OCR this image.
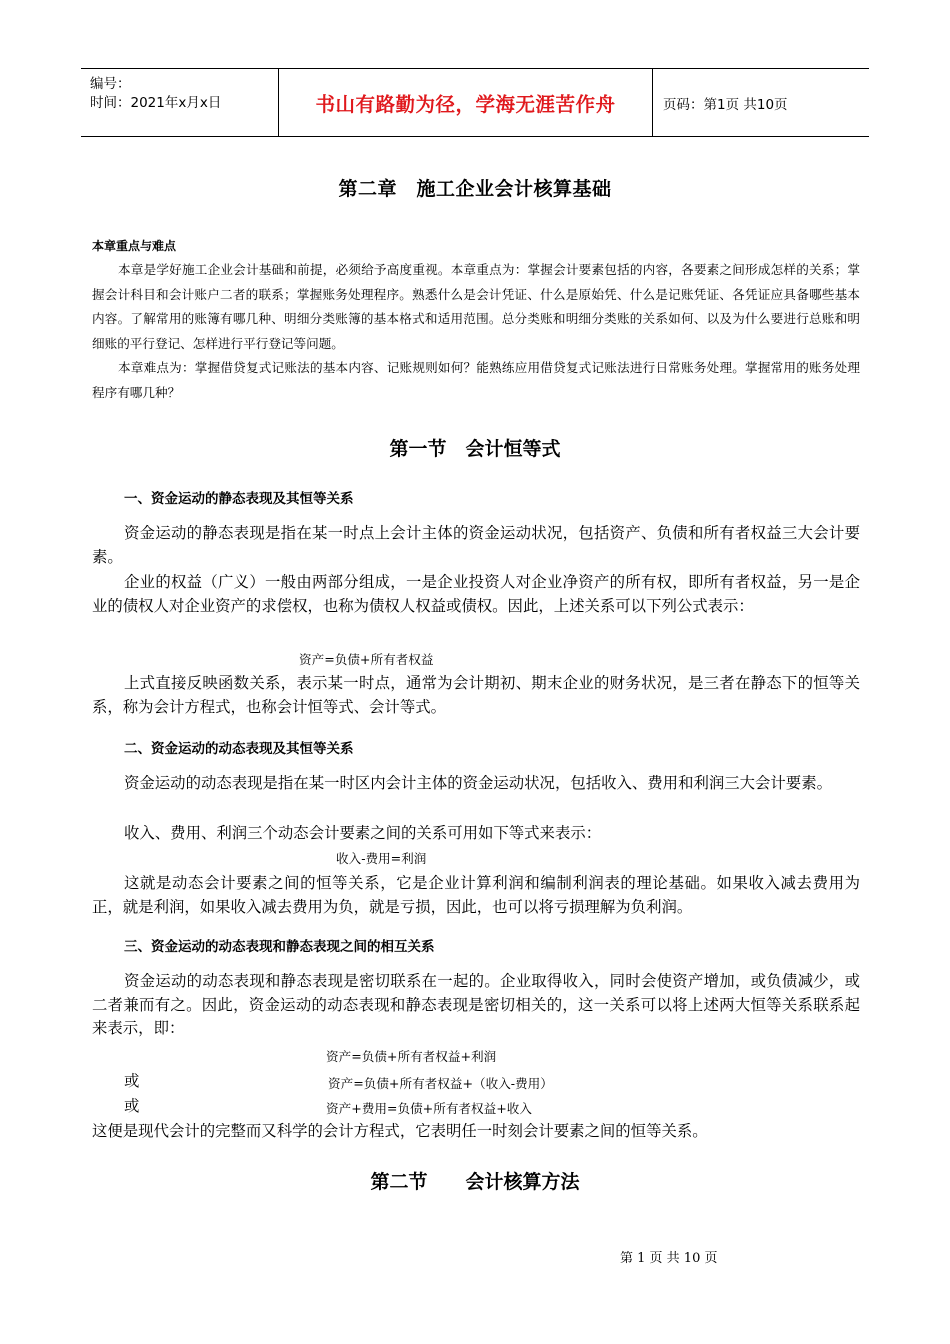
编号：
时间：2021年x月x日	书山有路勤为径，学海无涯苦作舟	页码：第1页 共10页
第二章　施工企业会计核算基础
本章重点与难点

本章是学好施工企业会计基础和前提，必须给予高度重视。本章重点为：掌握会计要素包括的内容，各要素之间形成怎样的关系；掌握会计科目和会计账户二者的联系；掌握账务处理程序。熟悉什么是会计凭证、什么是原始凭、什么是记账凭证、各凭证应具备哪些基本内容。了解常用的账簿有哪几种、明细分类账簿的基本格式和适用范围。总分类账和明细分类账的关系如何、以及为什么要进行总账和明细账的平行登记、怎样进行平行登记等问题。

本章难点为：掌握借贷复式记账法的基本内容、记账规则如何？能熟练应用借贷复式记账法进行日常账务处理。掌握常用的账务处理程序有哪几种？

第一节　会计恒等式
一、资金运动的静态表现及其恒等关系

资金运动的静态表现是指在某一时点上会计主体的资金运动状况，包括资产、负债和所有者权益三大会计要素。

企业的权益（广义）一般由两部分组成，一是企业投资人对企业净资产的所有权，即所有者权益，另一是企业的债权人对企业资产的求偿权，也称为债权人权益或债权。因此，上述关系可以下列公式表示：

资产=负债+所有者权益

上式直接反映函数关系，表示某一时点，通常为会计期初、期末企业的财务状况，是三者在静态下的恒等关系，称为会计方程式，也称会计恒等式、会计等式。

二、资金运动的动态表现及其恒等关系

资金运动的动态表现是指在某一时区内会计主体的资金运动状况，包括收入、费用和利润三大会计要素。

收入、费用、利润三个动态会计要素之间的关系可用如下等式来表示：

收入-费用=利润

这就是动态会计要素之间的恒等关系，它是企业计算利润和编制利润表的理论基础。如果收入减去费用为正，就是利润，如果收入减去费用为负，就是亏损，因此，也可以将亏损理解为负利润。

三、资金运动的动态表现和静态表现之间的相互关系

资金运动的动态表现和静态表现是密切联系在一起的。企业取得收入，同时会使资产增加，或负债减少，或二者兼而有之。因此，资金运动的动态表现和静态表现是密切相关的，这一关系可以将上述两大恒等关系联系起来表示，即：

资产=负债+所有者权益+利润
或	资产=负债+所有者权益+（收入-费用）
或	资产+费用=负债+所有者权益+收入

这便是现代会计的完整而又科学的会计方程式，它表明任一时刻会计要素之间的恒等关系。

第二节　　会计核算方法
第 1 页 共 10 页
